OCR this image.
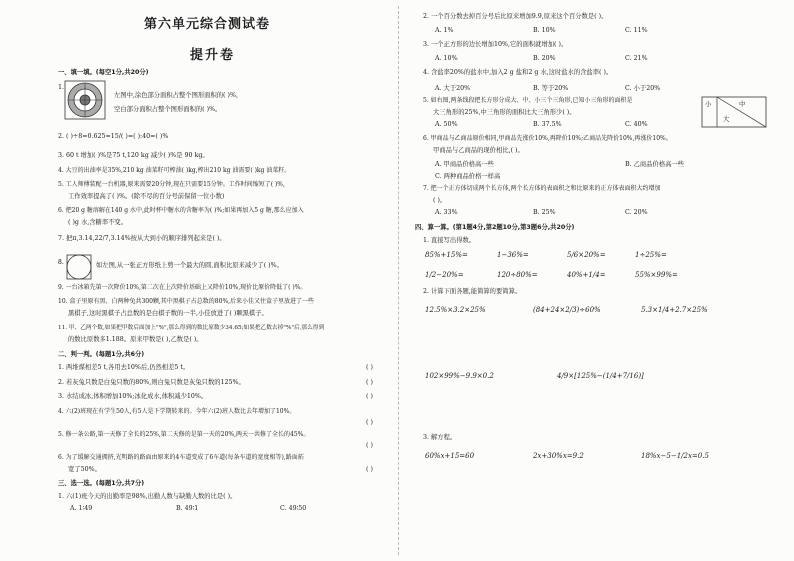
第六单元综合测试卷
提升卷
一、填一填。(每空1分,共20分)
1.
左图中,涂色部分面积占整个图形面积的( )%,
空白部分面积占整个图形面积的( )%。
2. ( )÷8=0.625=15/( )=( ):40=( )%
3. 60 t 增加( )%是75 t,120 kg 减少( )%是 90 kg。
4. 大豆的出油率是35%,210 kg 油菜籽可榨油( )kg,榨出210 kg 油需要( )kg 油菜籽。
5. 工人师傅装配一台机器,原来需要20分钟,现在只需要15分钟。工作时间缩短了( )%,
工作效率提高了( )%。(除不尽的百分号前保留一位小数)
6. 把20 g 糖溶解在140 g 水中,此时杯中糖水的含糖率为( )%;如果再加入5 g 糖,那么应加入
( )g 水,含糖率不变。
7. 把π,3.14,22/7,3.14%按从大到小的顺序排列起来是( )。
8.	如左图,从一张正方形纸上剪一个最大的圆,面积比原来减少了( )%。
9. 一台冰箱先第一次降价10%,第二次在上次降价基础上又降价10%,现价比原价降低了( )%。
10. 盒子里原有黑、白两种兔共300颗,其中黑棋子占总数的80%,后来小佳又往盒子里放进了一些
黑棋子,这时黑棋子占总数的是白棋子数的一半,小佳放进了( )颗黑棋子。
11. 甲、乙两个数,如果把甲数后面加上"%",那么得到的数比原数少34.65;如果把乙数去掉"%"后,那么得到
的数比原数多1.188。原来甲数是( ),乙数是( )。
二、判一判。(每题1分,共6分)
1. 两堆煤相差5 t,各用去10%后,仍然相差5 t。	( )
2. 若灰兔只数是白兔只数的80%,则白兔只数是灰兔只数的125%。	( )
3. 水结成冰,体积增加10%;冰化成水,体积减少10%。	( )
4. 六(2)班现在有学生50人,有5人是下学期转来的。今年六(2)班人数比去年增加了10%。
( )
5. 修一条公路,第一天修了全长的25%,第二天修的是第一天的20%,两天一共修了全长的45%。
( )
6. 为了缓解交通拥挤,光明路的路面由原来的4车道变成了6车道(每条车道的宽度相等),路面拓
宽了50%。	( )
三、选一选。(每题1分,共7分)
1. 六(1)班今天的出勤率是98%,出勤人数与缺勤人数的比是( )。
A. 1∶49	B. 49∶1	C. 49∶50
2. 一个百分数去掉百分号后比原来增加9.9,原来这个百分数是( )。
A. 1%	B. 10%	C. 11%
3. 一个正方形的边长增加10%,它的面积就增加( )。
A. 10%	B. 20%	C. 21%
4. 含盐率20%的盐水中,加入2 g 盐和2 g 水,这时盐水的含盐率( )。
A. 大于20%	B. 等于20%	C. 小于20%
5. 如右图,两条线段把长方形分成大、中、小三个三角形,已知小三角形的面积是
大三角形的25%,中三角形的面积比大三角形少( )。
A. 50%	B. 37.5%	C. 40%
小	中
大
6. 甲商品与乙商品原价相同,甲商品先涨价10%,再降价10%;乙商品先降价10%,再涨价10%。
甲商品与乙商品的现价相比,( )。
A. 甲商品价格高一些	B. 乙商品价格高一些
C. 两种商品价格一样高
7. 把一个正方体切成两个长方体,两个长方体的表面积之和比原来的正方体表面积大约增加
( )。
A. 33%	B. 25%	C. 20%
四、算一算。(第1题4分,第2题10分,第3题6分,共20分)
1. 直接写出得数。
85%+15%=	1−36%=	5/6×20%=	1÷25%=
1/2−20%=	120÷80%=	40%+1/4=	55%×99%=
2. 计算下面各题,能简算的要简算。
12.5%×3.2×25%	(84+24×2/3)÷60%	5.3×1/4+2.7×25%
102×99%−9.9×0.2	4/9×[125%−(1/4+7/16)]
3. 解方程。
60%x+15=60	2x+30%x=9.2	18%x−5−1/2x=0.5
